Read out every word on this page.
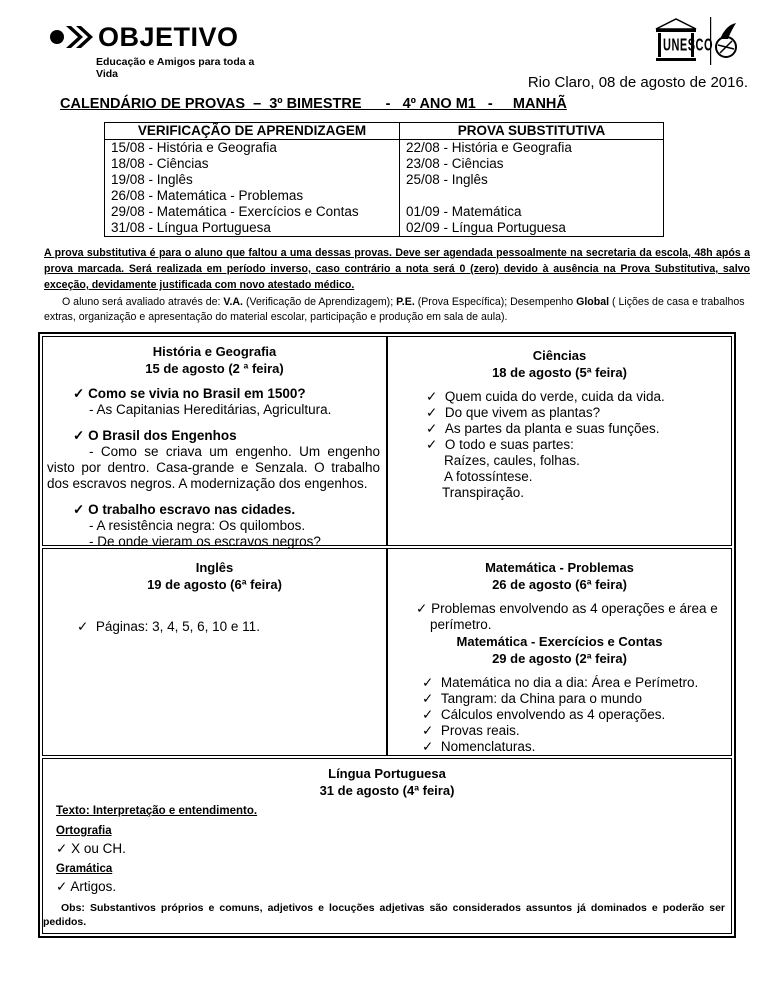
OBJETIVO
Educação e Amigos para toda a Vida
UNESCO
Rio Claro, 08 de agosto de 2016.
CALENDÁRIO DE PROVAS  –  3º BIMESTRE      -   4º ANO M1   -     MANHÃ
VERIFICAÇÃO DE APRENDIZAGEM	PROVA SUBSTITUTIVA
15/08 - História e Geografia	22/08 - História e Geografia
18/08 - Ciências	23/08 - Ciências
19/08 - Inglês	25/08 - Inglês
26/08 - Matemática - Problemas	
29/08 - Matemática - Exercícios e Contas	01/09 - Matemática
31/08 - Língua Portuguesa	02/09 - Língua Portuguesa
A prova substitutiva é para o aluno que faltou a uma dessas provas. Deve ser agendada pessoalmente na secretaria da escola, 48h após a prova marcada. Será realizada em período inverso, caso contrário a nota será 0 (zero) devido à ausência na Prova Substitutiva, salvo exceção, devidamente justificada com novo atestado médico.
O aluno será avaliado através de: V.A. (Verificação de Aprendizagem); P.E. (Prova Específica); Desempenho Global ( Lições de casa e trabalhos extras, organização e apresentação do material escolar, participação e produção em sala de aula).
História e Geografia
15 de agosto (2 ª feira)
✓ Como se vivia no Brasil em 1500?
- As Capitanias Hereditárias, Agricultura.
✓ O Brasil dos Engenhos
- Como se criava um engenho. Um engenho visto por dentro. Casa-grande e Senzala. O trabalho dos escravos negros. A modernização dos engenhos.
✓ O trabalho escravo nas cidades.
- A resistência negra: Os quilombos.
- De onde vieram os escravos negros?
Ciências
18 de agosto (5ª feira)
✓  Quem cuida do verde, cuida da vida.
✓  Do que vivem as plantas?
✓  As partes da planta e suas funções.
✓  O todo e suas partes:
Raízes, caules, folhas.
A fotossíntese.
Transpiração.
Inglês
19 de agosto (6ª feira)
✓  Páginas: 3, 4, 5, 6, 10 e 11.
Matemática - Problemas
26 de agosto (6ª feira)
✓ Problemas envolvendo as 4 operações e área e perímetro.
Matemática - Exercícios e Contas
29 de agosto (2ª feira)
✓  Matemática no dia a dia: Área e Perímetro.
✓  Tangram: da China para o mundo
✓  Cálculos envolvendo as 4 operações.
✓  Provas reais.
✓  Nomenclaturas.
Língua Portuguesa
31 de agosto (4ª feira)
Texto: Interpretação e entendimento.
Ortografia
✓ X ou CH.
Gramática
✓ Artigos.
Obs: Substantivos próprios e comuns, adjetivos e locuções adjetivas são considerados assuntos já dominados e poderão ser pedidos.
